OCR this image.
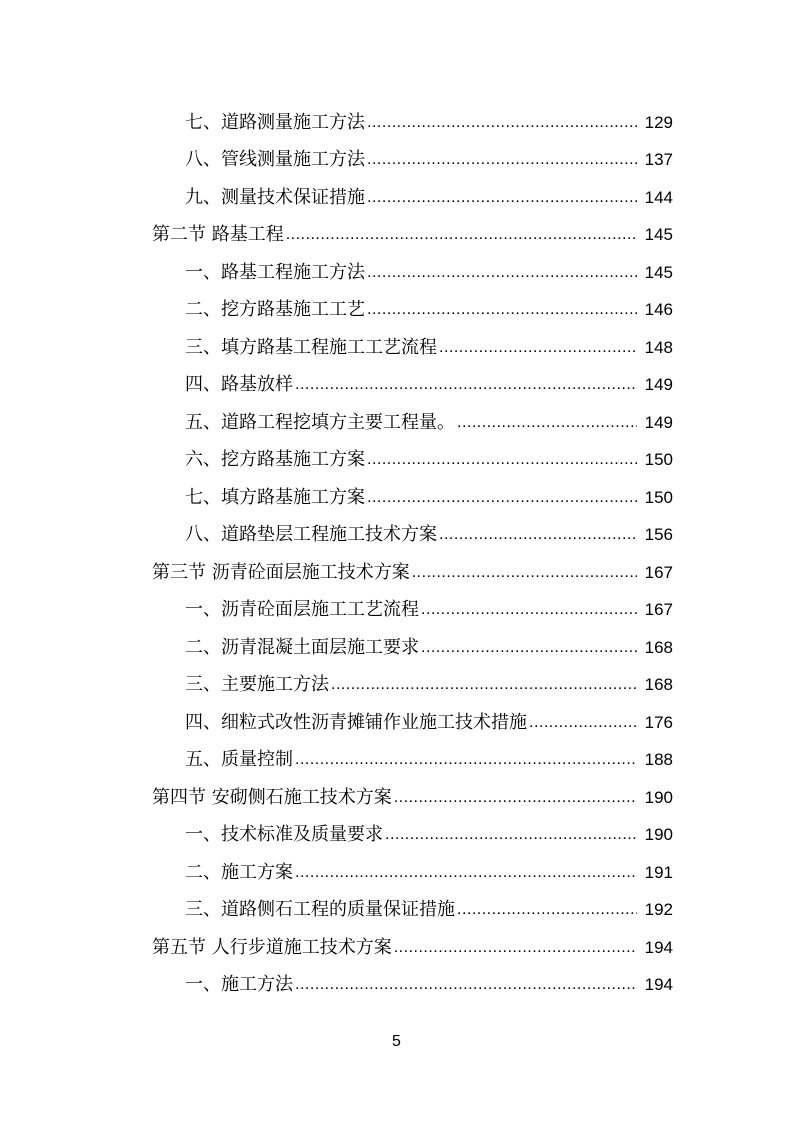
七、道路测量施工方法 .....	129
八、管线测量施工方法 .....	137
九、测量技术保证措施 .....	144
第二节 路基工程 .....	145
一、路基工程施工方法 .....	145
二、挖方路基施工工艺 .....	146
三、填方路基工程施工工艺流程 .....	148
四、路基放样 .....	149
五、道路工程挖填方主要工程量。 .....	149
六、挖方路基施工方案 .....	150
七、填方路基施工方案 .....	150
八、道路垫层工程施工技术方案 .....	156
第三节 沥青砼面层施工技术方案 .....	167
一、沥青砼面层施工工艺流程 .....	167
二、沥青混凝土面层施工要求 .....	168
三、主要施工方法 .....	168
四、细粒式改性沥青摊铺作业施工技术措施 .....	176
五、质量控制 .....	188
第四节 安砌侧石施工技术方案 .....	190
一、技术标准及质量要求 .....	190
二、施工方案 .....	191
三、道路侧石工程的质量保证措施 .....	192
第五节 人行步道施工技术方案 .....	194
一、施工方法 .....	194
5
